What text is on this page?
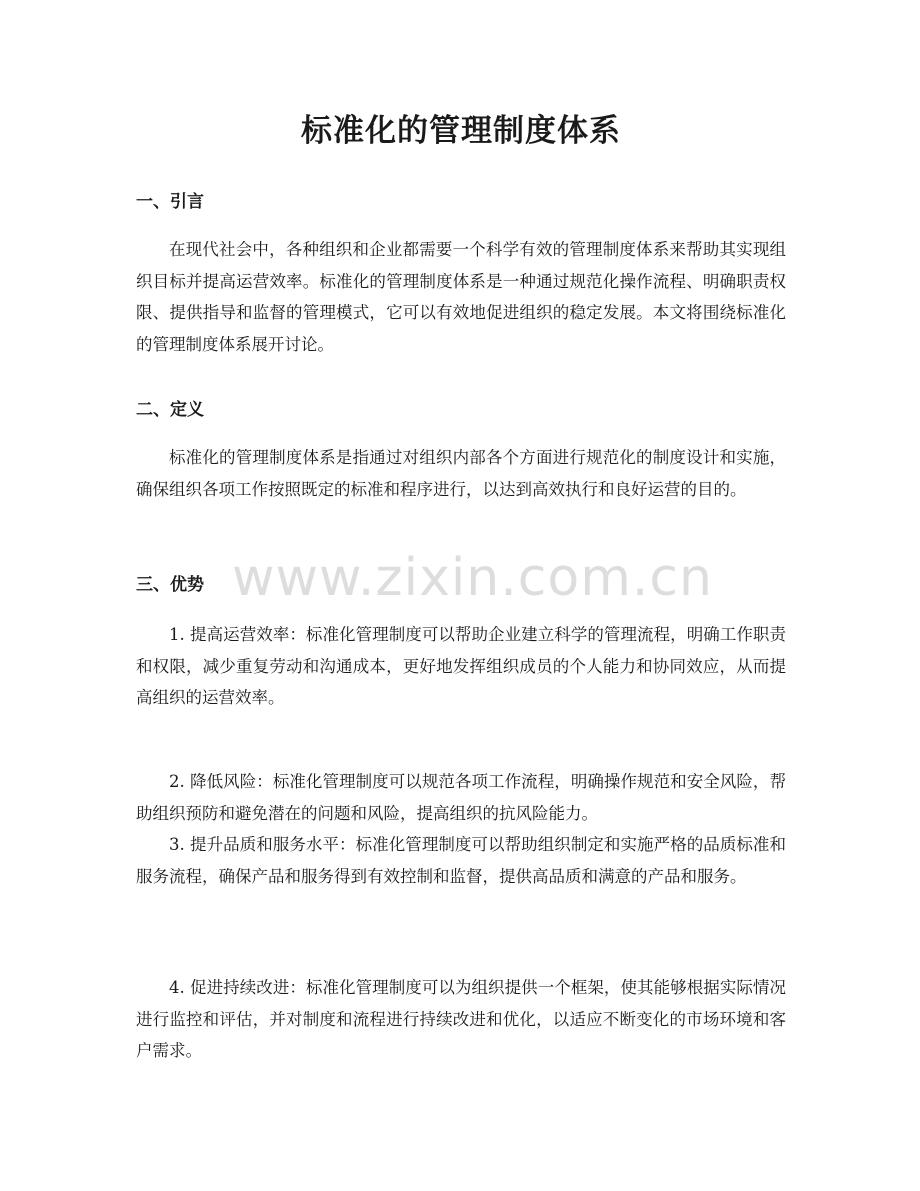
标准化的管理制度体系
一、引言

在现代社会中，各种组织和企业都需要一个科学有效的管理制度体系来帮助其实现组织目标并提高运营效率。标准化的管理制度体系是一种通过规范化操作流程、明确职责权限、提供指导和监督的管理模式，它可以有效地促进组织的稳定发展。本文将围绕标准化的管理制度体系展开讨论。

二、定义

标准化的管理制度体系是指通过对组织内部各个方面进行规范化的制度设计和实施，确保组织各项工作按照既定的标准和程序进行，以达到高效执行和良好运营的目的。

三、优势

1. 提高运营效率：标准化管理制度可以帮助企业建立科学的管理流程，明确工作职责和权限，减少重复劳动和沟通成本，更好地发挥组织成员的个人能力和协同效应，从而提高组织的运营效率。

2. 降低风险：标准化管理制度可以规范各项工作流程，明确操作规范和安全风险，帮助组织预防和避免潜在的问题和风险，提高组织的抗风险能力。

3. 提升品质和服务水平：标准化管理制度可以帮助组织制定和实施严格的品质标准和服务流程，确保产品和服务得到有效控制和监督，提供高品质和满意的产品和服务。

4. 促进持续改进：标准化管理制度可以为组织提供一个框架，使其能够根据实际情况进行监控和评估，并对制度和流程进行持续改进和优化，以适应不断变化的市场环境和客户需求。

www.zixin.com.cn
